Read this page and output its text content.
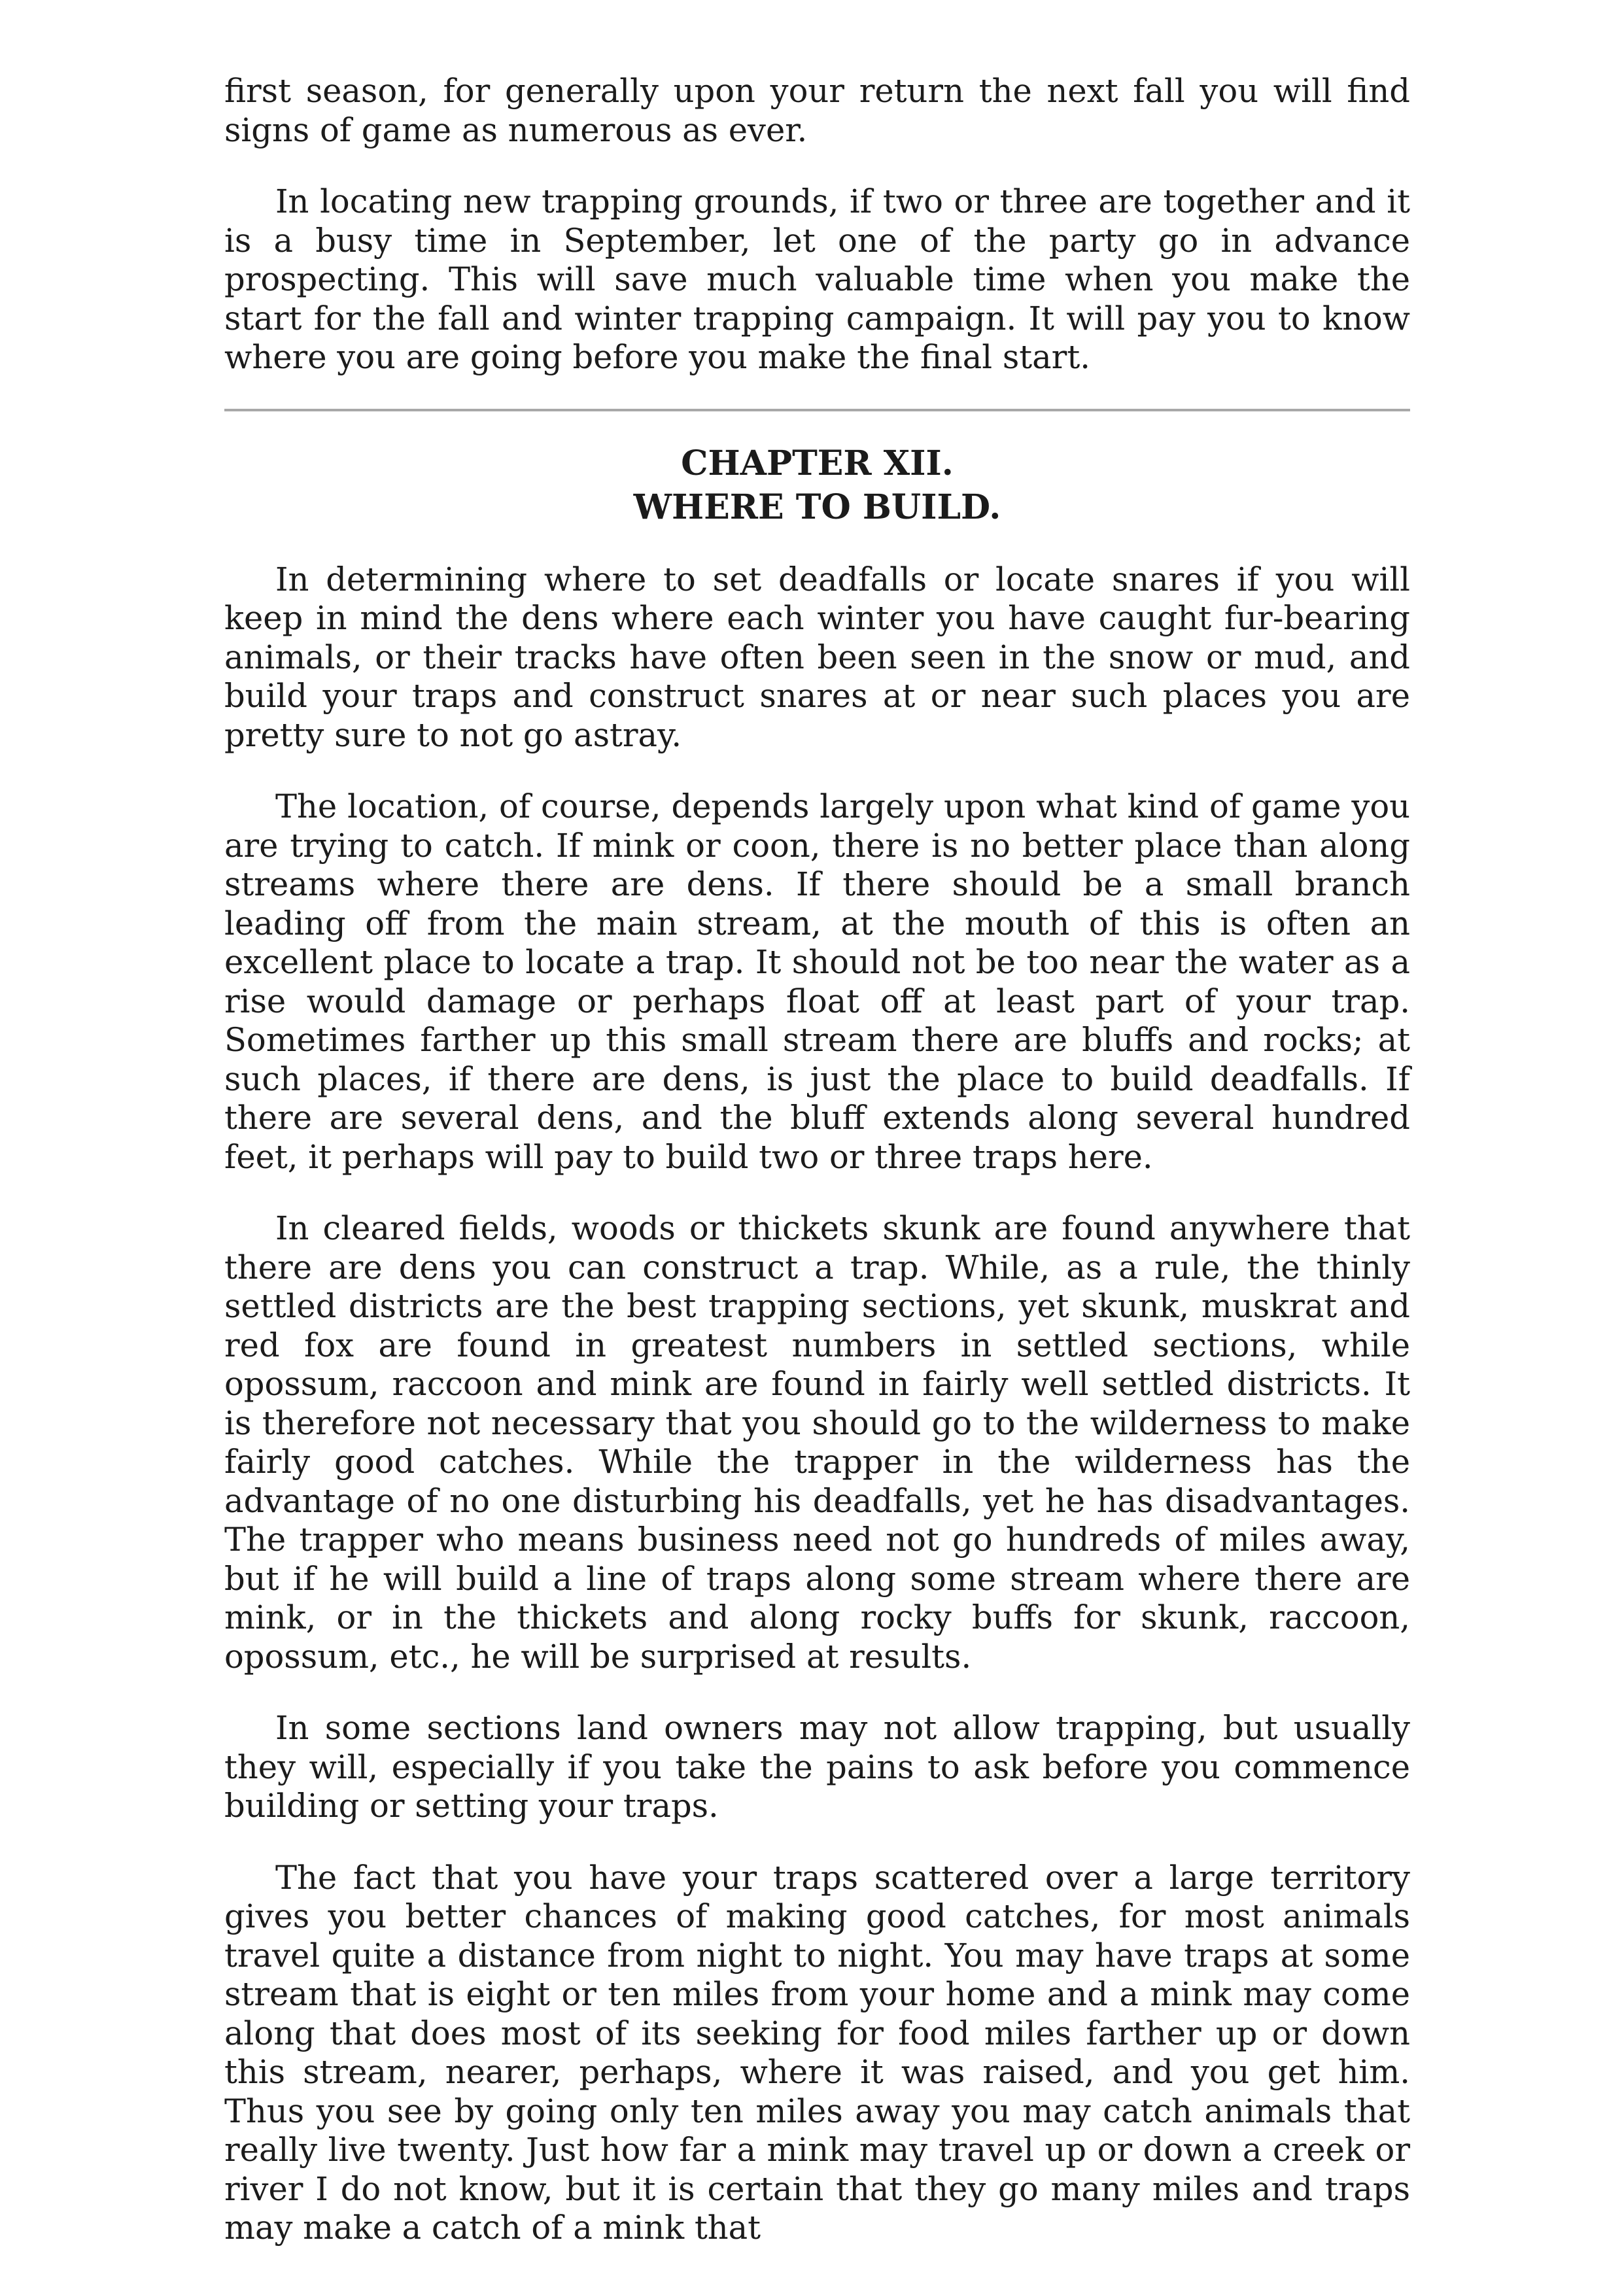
first season, for generally upon your return the next fall you will find signs of game as numerous as ever.

In locating new trapping grounds, if two or three are together and it is a busy time in September, let one of the party go in advance prospecting. This will save much valuable time when you make the start for the fall and winter trapping campaign. It will pay you to know where you are going before you make the final start.

CHAPTER XII.
WHERE TO BUILD.

In determining where to set deadfalls or locate snares if you will keep in mind the dens where each winter you have caught fur-bearing animals, or their tracks have often been seen in the snow or mud, and build your traps and construct snares at or near such places you are pretty sure to not go astray.

The location, of course, depends largely upon what kind of game you are trying to catch. If mink or coon, there is no better place than along streams where there are dens. If there should be a small branch leading off from the main stream, at the mouth of this is often an excellent place to locate a trap. It should not be too near the water as a rise would damage or perhaps float off at least part of your trap. Sometimes farther up this small stream there are bluffs and rocks; at such places, if there are dens, is just the place to build deadfalls. If there are several dens, and the bluff extends along several hundred feet, it perhaps will pay to build two or three traps here.

In cleared fields, woods or thickets skunk are found anywhere that there are dens you can construct a trap. While, as a rule, the thinly settled districts are the best trapping sections, yet skunk, muskrat and red fox are found in greatest numbers in settled sections, while opossum, raccoon and mink are found in fairly well settled districts. It is therefore not necessary that you should go to the wilderness to make fairly good catches. While the trapper in the wilderness has the advantage of no one disturbing his deadfalls, yet he has disadvantages. The trapper who means business need not go hundreds of miles away, but if he will build a line of traps along some stream where there are mink, or in the thickets and along rocky buffs for skunk, raccoon, opossum, etc., he will be surprised at results.

In some sections land owners may not allow trapping, but usually they will, especially if you take the pains to ask before you commence building or setting your traps.

The fact that you have your traps scattered over a large territory gives you better chances of making good catches, for most animals travel quite a distance from night to night. You may have traps at some stream that is eight or ten miles from your home and a mink may come along that does most of its seeking for food miles farther up or down this stream, nearer, perhaps, where it was raised, and you get him. Thus you see by going only ten miles away you may catch animals that really live twenty. Just how far a mink may travel up or down a creek or river I do not know, but it is certain that they go many miles and traps may make a catch of a mink that
